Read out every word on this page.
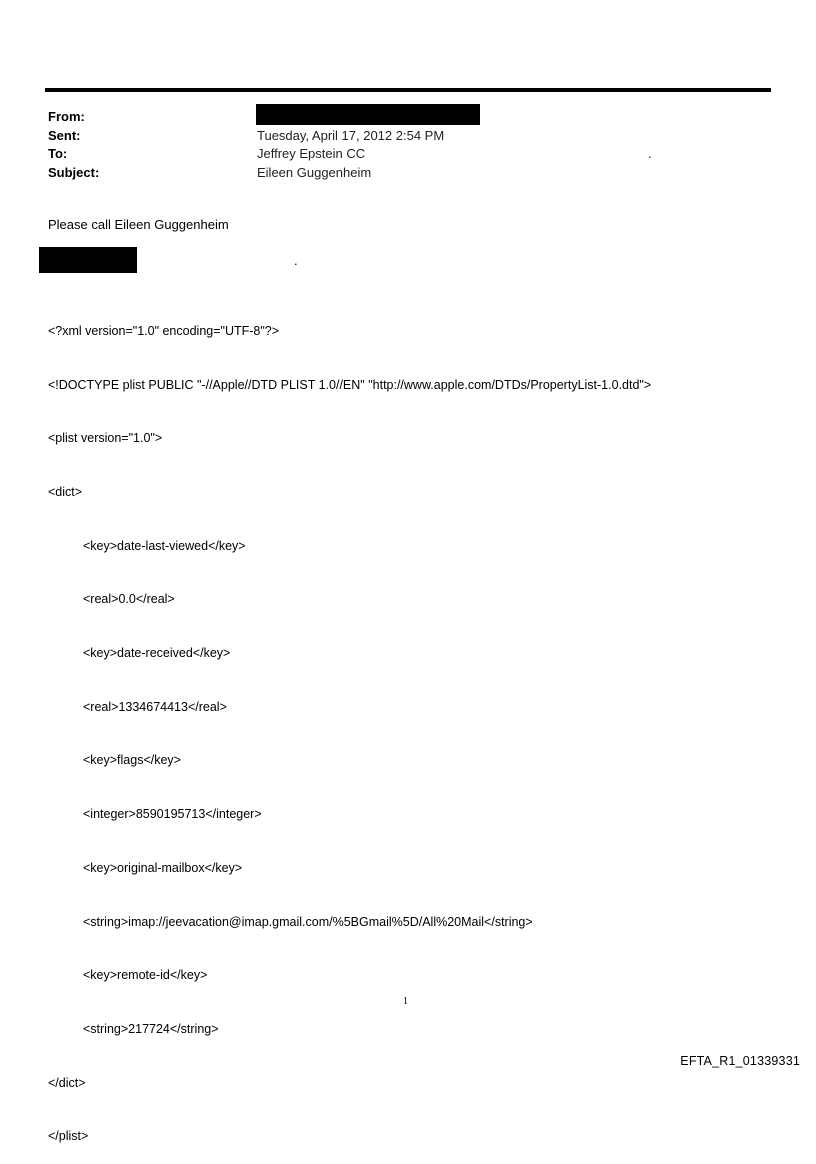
From:
Sent:	Tuesday, April 17, 2012 2:54 PM
To:	Jeffrey Epstein CC	.
Subject:	Eileen Guggenheim
Please call Eileen Guggenheim
.

<?xml version="1.0" encoding="UTF-8"?>

<!DOCTYPE plist PUBLIC "-//Apple//DTD PLIST 1.0//EN" "http://www.apple.com/DTDs/PropertyList-1.0.dtd">

<plist version="1.0">

<dict>

<key>date-last-viewed</key>

<real>0.0</real>

<key>date-received</key>

<real>1334674413</real>

<key>flags</key>

<integer>8590195713</integer>

<key>original-mailbox</key>

<string>imap://jeevacation@imap.gmail.com/%5BGmail%5D/All%20Mail</string>

<key>remote-id</key>

<string>217724</string>

</dict>

</plist>

1
EFTA_R1_01339331
